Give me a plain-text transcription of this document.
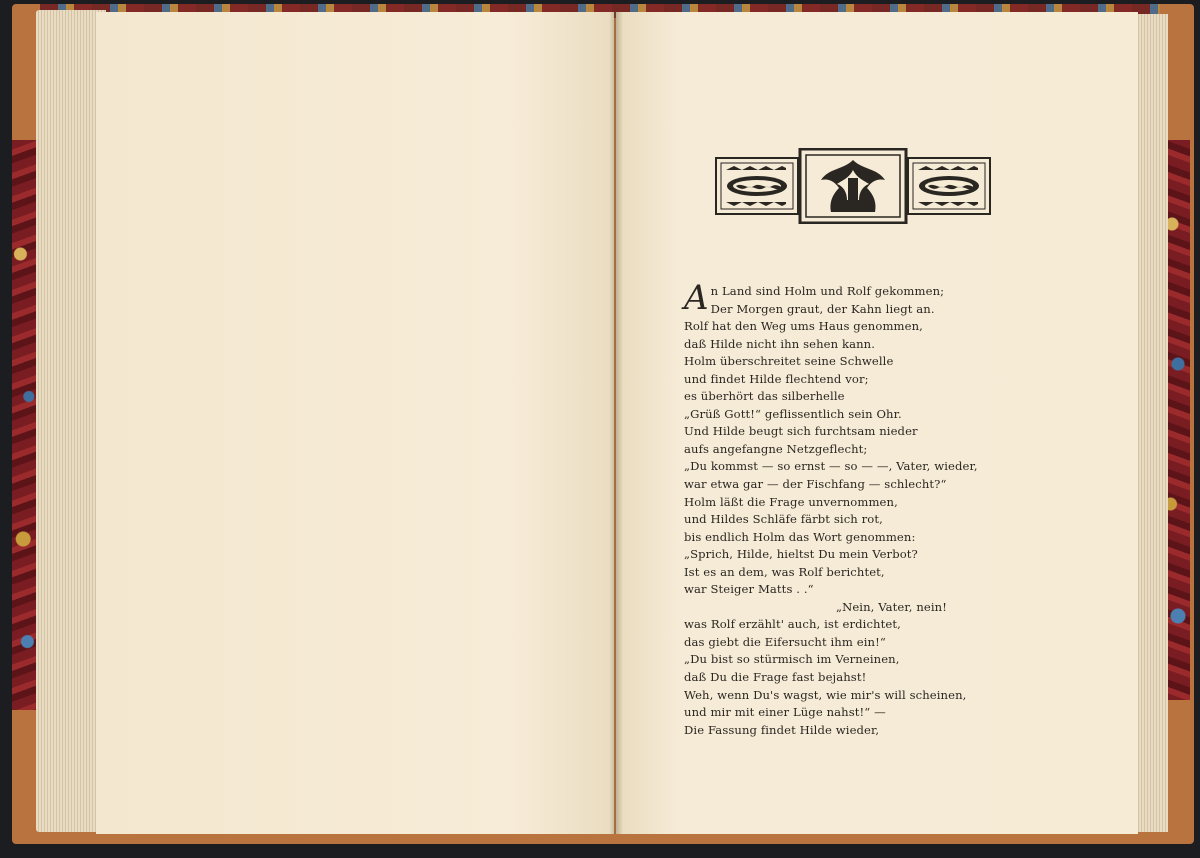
An Land sind Holm und Rolf gekommen;
Der Morgen graut, der Kahn liegt an.
Rolf hat den Weg ums Haus genommen,
daß Hilde nicht ihn sehen kann.
Holm überschreitet seine Schwelle
und findet Hilde flechtend vor;
es überhört das silberhelle
„Grüß Gott!“ geflissentlich sein Ohr.
Und Hilde beugt sich furchtsam nieder
aufs angefangne Netzgeflecht;
„Du kommst — so ernst — so — —, Vater, wieder,
war etwa gar — der Fischfang — schlecht?“
Holm läßt die Frage unvernommen,
und Hildes Schläfe färbt sich rot,
bis endlich Holm das Wort genommen:
„Sprich, Hilde, hieltst Du mein Verbot?
Ist es an dem, was Rolf berichtet,
war Steiger Matts . .“
„Nein, Vater, nein!
was Rolf erzählt' auch, ist erdichtet,
das giebt die Eifersucht ihm ein!“
„Du bist so stürmisch im Verneinen,
daß Du die Frage fast bejahst!
Weh, wenn Du's wagst, wie mir's will scheinen,
und mir mit einer Lüge nahst!“ —
Die Fassung findet Hilde wieder,
